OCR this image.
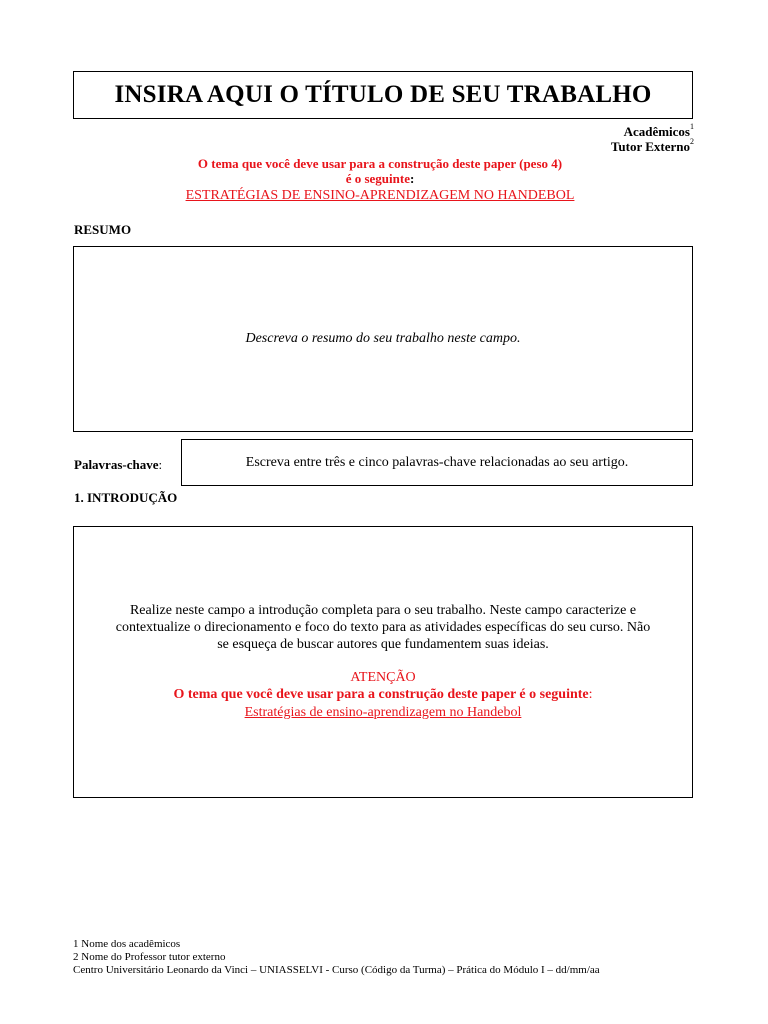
INSIRA AQUI O TÍTULO DE SEU TRABALHO
Acadêmicos$^1$
Tutor Externo$^2$
O tema que você deve usar para a construção deste paper (peso 4)
é o seguinte:
ESTRATÉGIAS DE ENSINO-APRENDIZAGEM NO HANDEBOL
RESUMO
Descreva o resumo do seu trabalho neste campo.
Palavras-chave:	Escreva entre três e cinco palavras-chave relacionadas ao seu artigo.
1. INTRODUÇÃO
Realize neste campo a introdução completa para o seu trabalho. Neste campo caracterize e
contextualize o direcionamento e foco do texto para as atividades específicas do seu curso. Não
se esqueça de buscar autores que fundamentem suas ideias.
ATENÇÃO
O tema que você deve usar para a construção deste paper é o seguinte:
Estratégias de ensino-aprendizagem no Handebol
1 Nome dos acadêmicos
2 Nome do Professor tutor externo
Centro Universitário Leonardo da Vinci – UNIASSELVI - Curso (Código da Turma) – Prática do Módulo I – dd/mm/aa
